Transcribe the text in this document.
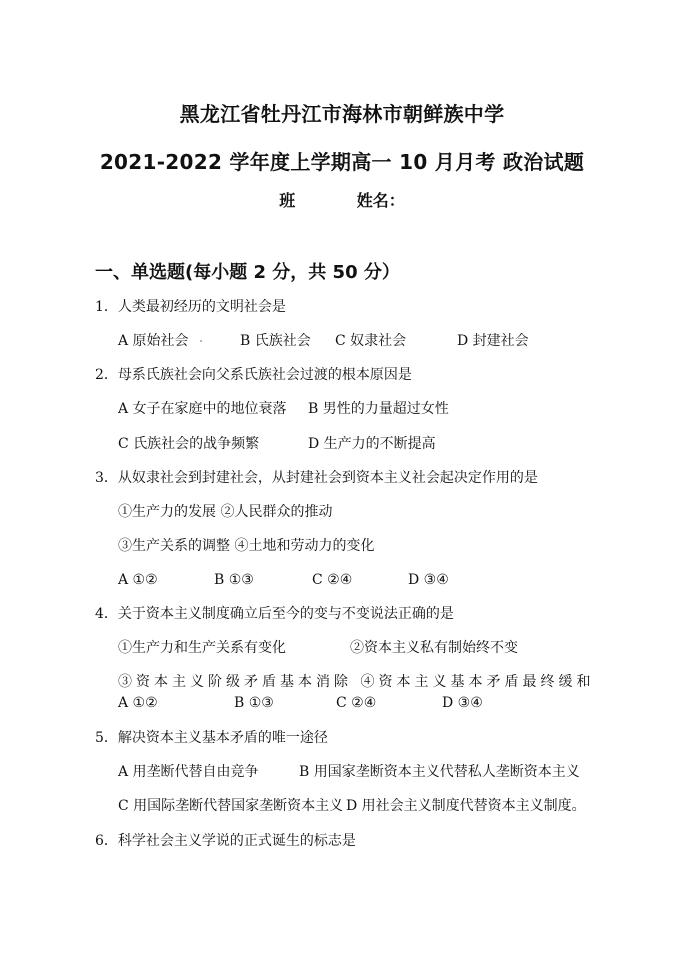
黑龙江省牡丹江市海林市朝鲜族中学
2021-2022 学年度上学期高一 10 月月考 政治试题
班	姓名：
一、单选题(每小题 2 分，共 50 分）
1．人类最初经历的文明社会是
A 原始社会	B 氏族社会 C 奴隶社会	D 封建社会
2．母系氏族社会向父系氏族社会过渡的根本原因是
A 女子在家庭中的地位衰落 B 男性的力量超过女性
C 氏族社会的战争频繁	D 生产力的不断提高
3．从奴隶社会到封建社会，从封建社会到资本主义社会起决定作用的是
①生产力的发展 ②人民群众的推动
③生产关系的调整 ④土地和劳动力的变化
A ①②	B ①③	C ②④	D ③④
4．关于资本主义制度确立后至今的变与不变说法正确的是
①生产力和生产关系有变化	②资本主义私有制始终不变
③资本主义阶级矛盾基本消除 ④资本主义基本矛盾最终缓和
A ①②	B ①③	C ②④	D ③④
5．解决资本主义基本矛盾的唯一途径
A 用垄断代替自由竞争	B 用国家垄断资本主义代替私人垄断资本主义
C 用国际垄断代替国家垄断资本主义 D 用社会主义制度代替资本主义制度。
6．科学社会主义学说的正式诞生的标志是
